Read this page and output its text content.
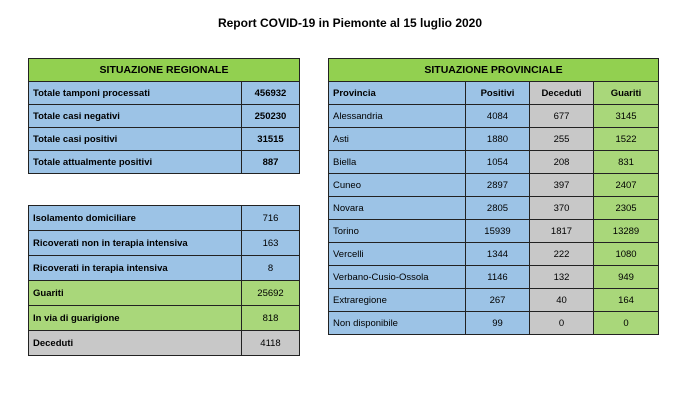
Report COVID-19 in Piemonte al 15 luglio 2020
SITUAZIONE REGIONALE	
Totale tamponi processati	456932
Totale casi negativi	250230
Totale casi positivi	31515
Totale attualmente positivi	887
Isolamento domiciliare	716
Ricoverati non in terapia intensiva	163
Ricoverati in terapia intensiva	8
Guariti	25692
In via di guarigione	818
Deceduti	4118
SITUAZIONE PROVINCIALE			
Provincia	Positivi	Deceduti	Guariti
Alessandria	4084	677	3145
Asti	1880	255	1522
Biella	1054	208	831
Cuneo	2897	397	2407
Novara	2805	370	2305
Torino	15939	1817	13289
Vercelli	1344	222	1080
Verbano-Cusio-Ossola	1146	132	949
Extraregione	267	40	164
Non disponibile	99	0	0
